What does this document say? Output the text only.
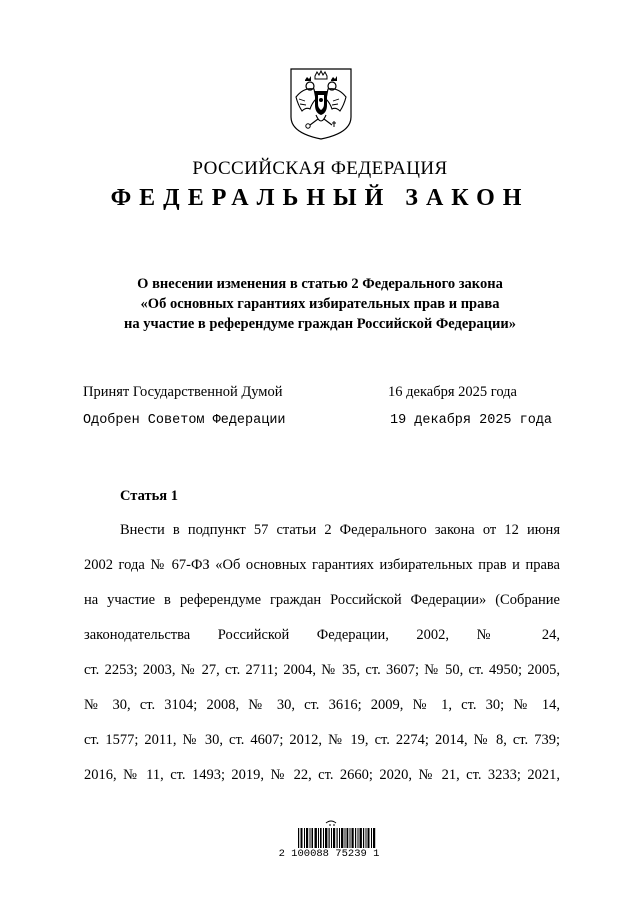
РОССИЙСКАЯ ФЕДЕРАЦИЯ
ФЕДЕРАЛЬНЫЙ ЗАКОН
О внесении изменения в статью 2 Федерального закона
«Об основных гарантиях избирательных прав и права
на участие в референдуме граждан Российской Федерации»
Принят Государственной Думой	16 декабря 2025 года
Одобрен Советом Федерации	19 декабря 2025 года
Статья 1
Внести в подпункт 57 статьи 2 Федерального закона от 12 июня
2002 года № 67-ФЗ «Об основных гарантиях избирательных прав и права
на участие в референдуме граждан Российской Федерации» (Собрание
законодательства Российской Федерации, 2002, № 24,
ст. 2253; 2003, № 27, ст. 2711; 2004, № 35, ст. 3607; № 50, ст. 4950; 2005,
№ 30, ст. 3104; 2008, № 30, ст. 3616; 2009, № 1, ст. 30; № 14,
ст. 1577; 2011, № 30, ст. 4607; 2012, № 19, ст. 2274; 2014, № 8, ст. 739;
2016, № 11, ст. 1493; 2019, № 22, ст. 2660; 2020, № 21, ст. 3233; 2021,
2 100088 75239 1
